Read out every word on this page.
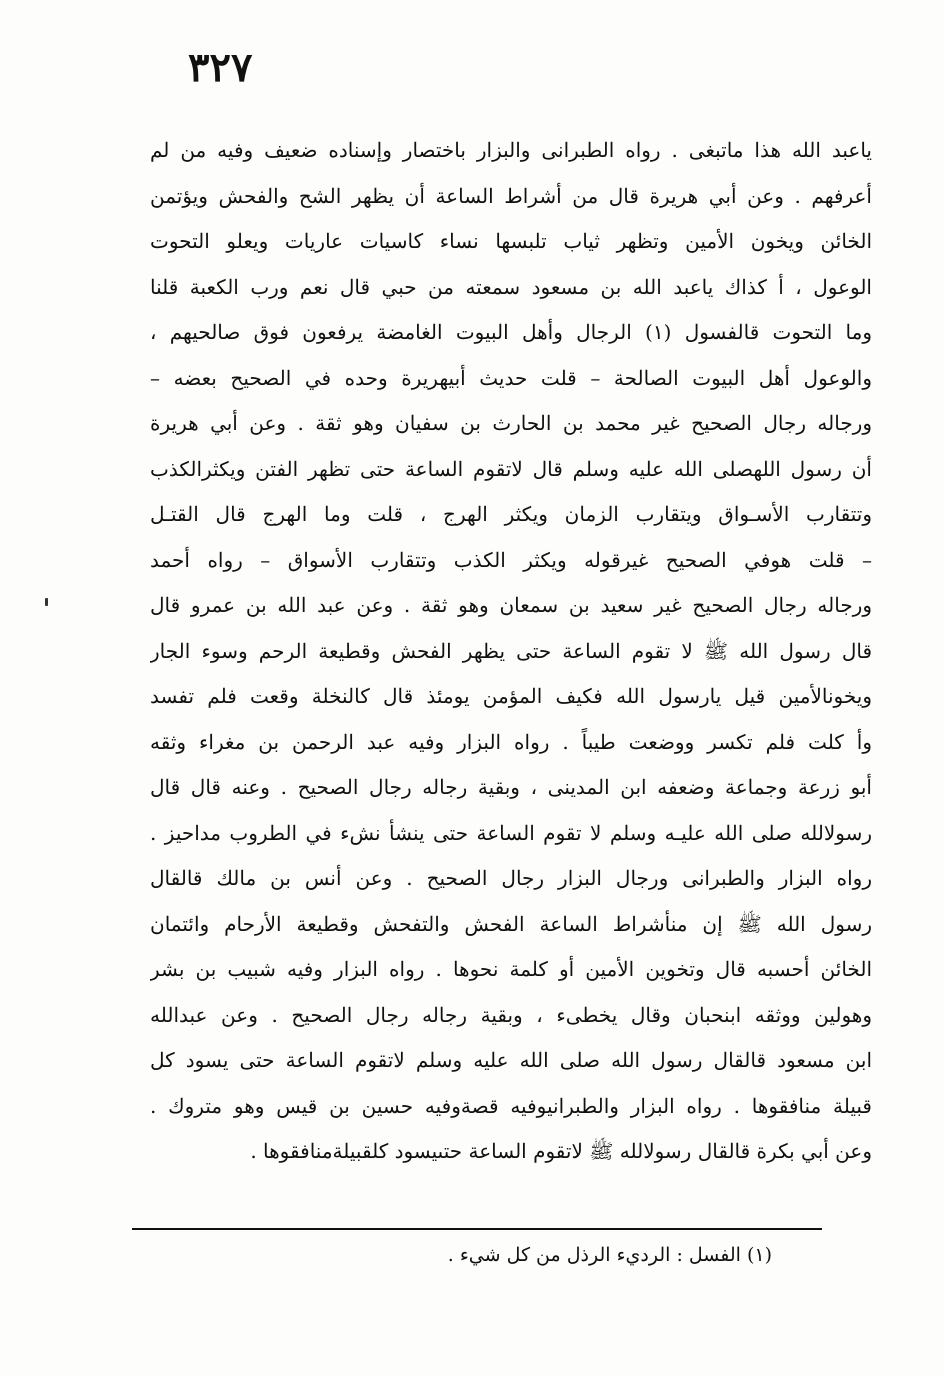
٣٢٧
ياعبد الله هذا ماتبغى . رواه الطبرانى والبزار باختصار وإسناده ضعيف وفيه من لم
أعرفهم . وعن أبي هريرة قال من أشراط الساعة أن يظهر الشح والفحش ويؤتمن
الخائن ويخون الأمين وتظهر ثياب تلبسها نساء كاسيات عاريات ويعلو التحوت
الوعول ، أ كذاك ياعبد الله بن مسعود سمعته من حبي قال نعم ورب الكعبة قلنا
وما التحوت قالفسول (١) الرجال وأهل البيوت الغامضة يرفعون فوق صالحيهم ،
والوعول أهل البيوت الصالحة – قلت حديث أبيهريرة وحده في الصحيح بعضه –
ورجاله رجال الصحيح غير محمد بن الحارث بن سفيان وهو ثقة . وعن أبي هريرة
أن رسول اللهصلى الله عليه وسلم قال لاتقوم الساعة حتى تظهر الفتن ويكثرالكذب
وتتقارب الأسـواق ويتقارب الزمان ويكثر الهرج ، قلت وما الهرج قال القتـل
– قلت هوفي الصحيح غيرقوله ويكثر الكذب وتتقارب الأسواق – رواه أحمد
ورجاله رجال الصحيح غير سعيد بن سمعان وهو ثقة . وعن عبد الله بن عمرو قال
قال رسول الله ﷺ لا تقوم الساعة حتى يظهر الفحش وقطيعة الرحم وسوء الجار
ويخونالأمين قيل يارسول الله فكيف المؤمن يومئذ قال كالنخلة وقعت فلم تفسد
وأ كلت فلم تكسر ووضعت طيباً . رواه البزار وفيه عبد الرحمن بن مغراء وثقه
أبو زرعة وجماعة وضعفه ابن المدينى ، وبقية رجاله رجال الصحيح . وعنه قال قال
رسولالله صلى الله عليـه وسلم لا تقوم الساعة حتى ينشأ نشء في الطروب مداحيز .
رواه البزار والطبرانى ورجال البزار رجال الصحيح . وعن أنس بن مالك قالقال
رسول الله ﷺ إن منأشراط الساعة الفحش والتفحش وقطيعة الأرحام وائتمان
الخائن أحسبه قال وتخوين الأمين أو كلمة نحوها . رواه البزار وفيه شبيب بن بشر
وهولين ووثقه ابنحبان وقال يخطىء ، وبقية رجاله رجال الصحيح . وعن عبدالله
ابن مسعود قالقال رسول الله صلى الله عليه وسلم لاتقوم الساعة حتى يسود كل
قبيلة منافقوها . رواه البزار والطبرانيوفيه قصةوفيه حسين بن قيس وهو متروك .
وعن أبي بكرة قالقال رسولالله ﷺ لاتقوم الساعة حتىيسود كلقبيلةمنافقوها .
(١) الفسل : الرديء الرذل من كل شيء .
